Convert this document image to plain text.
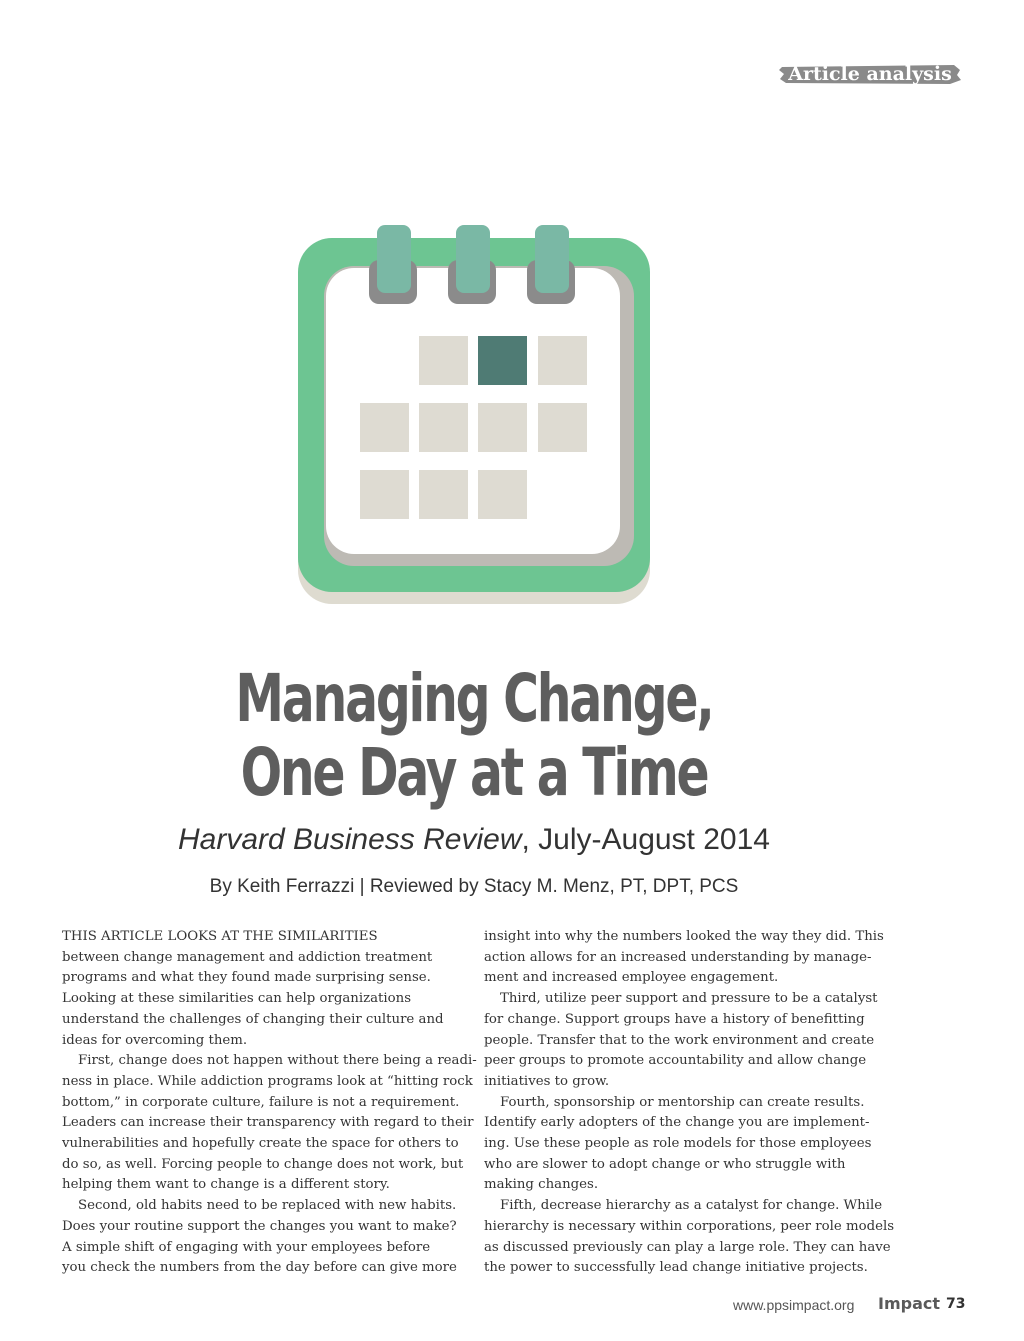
Article analysis
Managing Change,
One Day at a Time
Harvard Business Review, July-August 2014
By Keith Ferrazzi | Reviewed by Stacy M. Menz, PT, DPT, PCS
THIS ARTICLE LOOKS AT THE SIMILARITIES
between change management and addiction treatment
programs and what they found made surprising sense.
Looking at these similarities can help organizations
understand the challenges of changing their culture and
ideas for overcoming them.
First, change does not happen without there being a readi-
ness in place. While addiction programs look at “hitting rock
bottom,” in corporate culture, failure is not a requirement.
Leaders can increase their transparency with regard to their
vulnerabilities and hopefully create the space for others to
do so, as well. Forcing people to change does not work, but
helping them want to change is a different story.
Second, old habits need to be replaced with new habits.
Does your routine support the changes you want to make?
A simple shift of engaging with your employees before
you check the numbers from the day before can give more
insight into why the numbers looked the way they did. This
action allows for an increased understanding by manage-
ment and increased employee engagement.
Third, utilize peer support and pressure to be a catalyst
for change. Support groups have a history of benefitting
people. Transfer that to the work environment and create
peer groups to promote accountability and allow change
initiatives to grow.
Fourth, sponsorship or mentorship can create results.
Identify early adopters of the change you are implement-
ing. Use these people as role models for those employees
who are slower to adopt change or who struggle with
making changes.
Fifth, decrease hierarchy as a catalyst for change. While
hierarchy is necessary within corporations, peer role models
as discussed previously can play a large role. They can have
the power to successfully lead change initiative projects.
www.ppsimpact.org Impact 73
